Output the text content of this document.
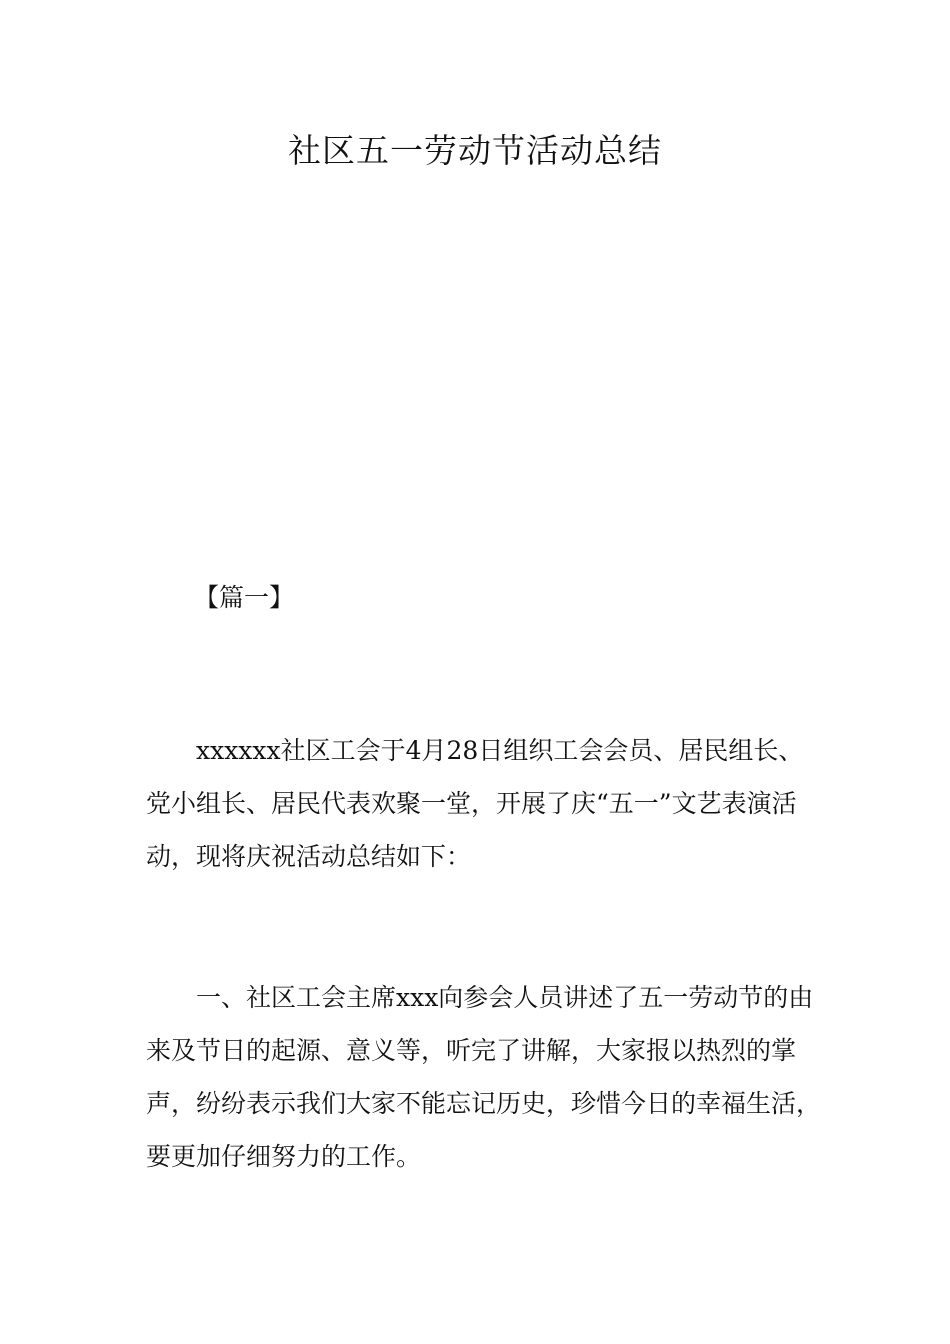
社区五一劳动节活动总结
【篇一】

xxxxxx社区工会于4月28日组织工会会员、居民组长、党小组长、居民代表欢聚一堂，开展了庆“五一”文艺表演活动，现将庆祝活动总结如下：

一、社区工会主席xxx向参会人员讲述了五一劳动节的由来及节日的起源、意义等，听完了讲解，大家报以热烈的掌声，纷纷表示我们大家不能忘记历史，珍惜今日的幸福生活，要更加仔细努力的工作。
